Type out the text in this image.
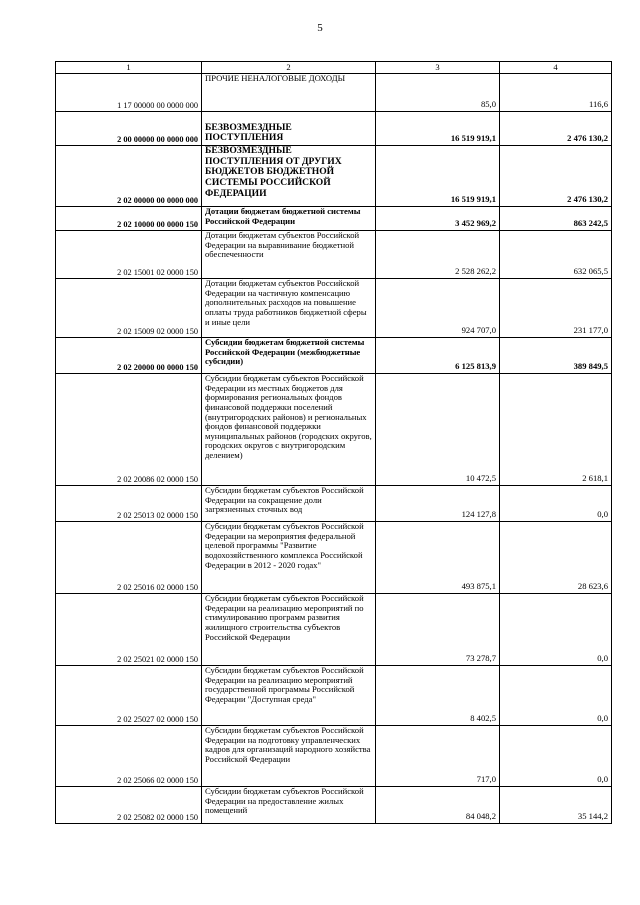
5
1	2	3	4
1 17 00000 00 0000 000	ПРОЧИЕ НЕНАЛОГОВЫЕ ДОХОДЫ	85,0	116,6
2 00 00000 00 0000 000	БЕЗВОЗМЕЗДНЫЕ ПОСТУПЛЕНИЯ	16 519 919,1	2 476 130,2
2 02 00000 00 0000 000	БЕЗВОЗМЕЗДНЫЕ ПОСТУПЛЕНИЯ ОТ ДРУГИХ БЮДЖЕТОВ БЮДЖЕТНОЙ СИСТЕМЫ РОССИЙСКОЙ ФЕДЕРАЦИИ	16 519 919,1	2 476 130,2
2 02 10000 00 0000 150	Дотации бюджетам бюджетной системы Российской Федерации	3 452 969,2	863 242,5
2 02 15001 02 0000 150	Дотации бюджетам субъектов Российской Федерации на выравнивание бюджетной обеспеченности	2 528 262,2	632 065,5
2 02 15009 02 0000 150	Дотации бюджетам субъектов Российской Федерации на частичную компенсацию дополнительных расходов на повышение оплаты труда работников бюджетной сферы и иные цели	924 707,0	231 177,0
2 02 20000 00 0000 150	Субсидии бюджетам бюджетной системы Российской Федерации (межбюджетные субсидии)	6 125 813,9	389 849,5
2 02 20086 02 0000 150	Субсидии бюджетам субъектов Российской Федерации из местных бюджетов для формирования региональных фондов финансовой поддержки поселений (внутригородских районов) и региональных фондов финансовой поддержки муниципальных районов (городских округов, городских округов с внутригородским делением)	10 472,5	2 618,1
2 02 25013 02 0000 150	Субсидии бюджетам субъектов Российской Федерации на сокращение доли загрязненных сточных вод	124 127,8	0,0
2 02 25016 02 0000 150	Субсидии бюджетам субъектов Российской Федерации на мероприятия федеральной целевой программы "Развитие водохозяйственного комплекса Российской Федерации в 2012 - 2020 годах"	493 875,1	28 623,6
2 02 25021 02 0000 150	Субсидии бюджетам субъектов Российской Федерации на реализацию мероприятий по стимулированию программ развития жилищного строительства субъектов Российской Федерации	73 278,7	0,0
2 02 25027 02 0000 150	Субсидии бюджетам субъектов Российской Федерации на реализацию мероприятий государственной программы Российской Федерации "Доступная среда"	8 402,5	0,0
2 02 25066 02 0000 150	Субсидии бюджетам субъектов Российской Федерации на подготовку управленческих кадров для организаций народного хозяйства Российской Федерации	717,0	0,0
2 02 25082 02 0000 150	Субсидии бюджетам субъектов Российской Федерации на предоставление жилых помещений	84 048,2	35 144,2
